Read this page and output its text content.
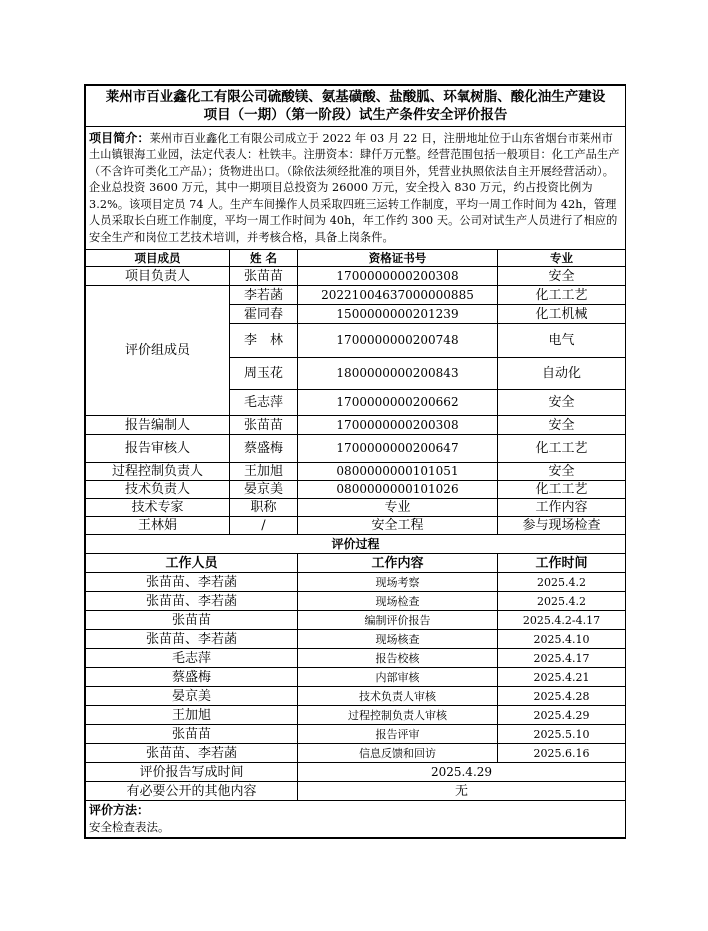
莱州市百业鑫化工有限公司硫酸镁、氨基磺酸、盐酸胍、环氧树脂、酸化油生产建设
项目（一期）（第一阶段）试生产条件安全评价报告			
项目简介：莱州市百业鑫化工有限公司成立于 2022 年 03 月 22 日，注册地址位于山东省烟台市莱州市土山镇银海工业园，法定代表人：杜铁丰。注册资本：肆仟万元整。经营范围包括一般项目：化工产品生产（不含许可类化工产品）；货物进出口。（除依法须经批准的项目外，凭营业执照依法自主开展经营活动）。企业总投资 3600 万元，其中一期项目总投资为 26000 万元，安全投入 830 万元，约占投资比例为 3.2%。该项目定员 74 人。生产车间操作人员采取四班三运转工作制度，平均一周工作时间为 42h，管理人员采取长白班工作制度，平均一周工作时间为 40h，年工作约 300 天。公司对试生产人员进行了相应的安全生产和岗位工艺技术培训，并考核合格，具备上岗条件。			
项目成员	姓 名	资格证书号	专业
项目负责人	张苗苗	1700000000200308	安全
评价组成员	李若菡	20221004637000000885	化工工艺
	霍同春	1500000000201239	化工机械
	李　林	1700000000200748	电气
	周玉花	1800000000200843	自动化
	毛志萍	1700000000200662	安全
报告编制人	张苗苗	1700000000200308	安全
报告审核人	蔡盛梅	1700000000200647	化工工艺
过程控制负责人	王加旭	0800000000101051	安全
技术负责人	晏京美	0800000000101026	化工工艺
技术专家	职称	专业	工作内容
王林娟	/	安全工程	参与现场检查
评价过程			
工作人员		工作内容	工作时间
张苗苗、李若菡		现场考察	2025.4.2
张苗苗、李若菡		现场检查	2025.4.2
张苗苗		编制评价报告	2025.4.2-4.17
张苗苗、李若菡		现场核查	2025.4.10
毛志萍		报告校核	2025.4.17
蔡盛梅		内部审核	2025.4.21
晏京美		技术负责人审核	2025.4.28
王加旭		过程控制负责人审核	2025.4.29
张苗苗		报告评审	2025.5.10
张苗苗、李若菡		信息反馈和回访	2025.6.16
评价报告写成时间		2025.4.29	
有必要公开的其他内容		无	

评价方法：
安全检查表法。			
